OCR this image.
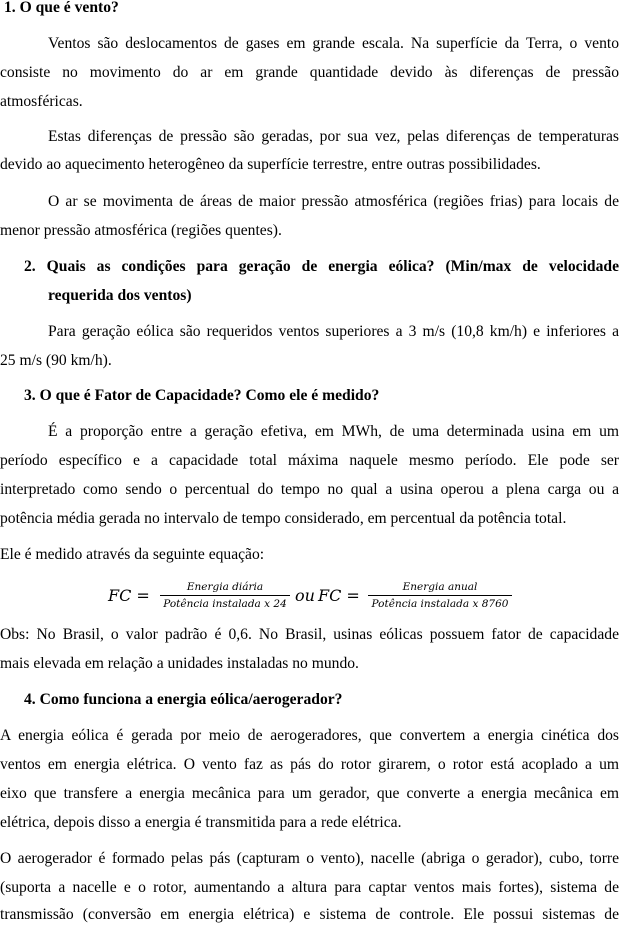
1. O que é vento?
Ventos são deslocamentos de gases em grande escala. Na superfície da Terra, o vento
consiste no movimento do ar em grande quantidade devido às diferenças de pressão
atmosféricas.
Estas diferenças de pressão são geradas, por sua vez, pelas diferenças de temperaturas
devido ao aquecimento heterogêneo da superfície terrestre, entre outras possibilidades.
O ar se movimenta de áreas de maior pressão atmosférica (regiões frias) para locais de
menor pressão atmosférica (regiões quentes).
2. Quais as condições para geração de energia eólica? (Min/max de velocidade
requerida dos ventos)
Para geração eólica são requeridos ventos superiores a 3 m/s (10,8 km/h) e inferiores a
25 m/s (90 km/h).
3. O que é Fator de Capacidade? Como ele é medido?
É a proporção entre a geração efetiva, em MWh, de uma determinada usina em um
período específico e a capacidade total máxima naquele mesmo período. Ele pode ser
interpretado como sendo o percentual do tempo no qual a usina operou a plena carga ou a
potência média gerada no intervalo de tempo considerado, em percentual da potência total.
Ele é medido através da seguinte equação:
FC =	Energia diária
Potência instalada x 24 ou FC =	Energia anual
Potência instalada x 8760
Obs: No Brasil, o valor padrão é 0,6. No Brasil, usinas eólicas possuem fator de capacidade
mais elevada em relação a unidades instaladas no mundo.
4. Como funciona a energia eólica/aerogerador?
A energia eólica é gerada por meio de aerogeradores, que convertem a energia cinética dos
ventos em energia elétrica. O vento faz as pás do rotor girarem, o rotor está acoplado a um
eixo que transfere a energia mecânica para um gerador, que converte a energia mecânica em
elétrica, depois disso a energia é transmitida para a rede elétrica.
O aerogerador é formado pelas pás (capturam o vento), nacelle (abriga o gerador), cubo, torre
(suporta a nacelle e o rotor, aumentando a altura para captar ventos mais fortes), sistema de
transmissão (conversão em energia elétrica) e sistema de controle. Ele possui sistemas de
